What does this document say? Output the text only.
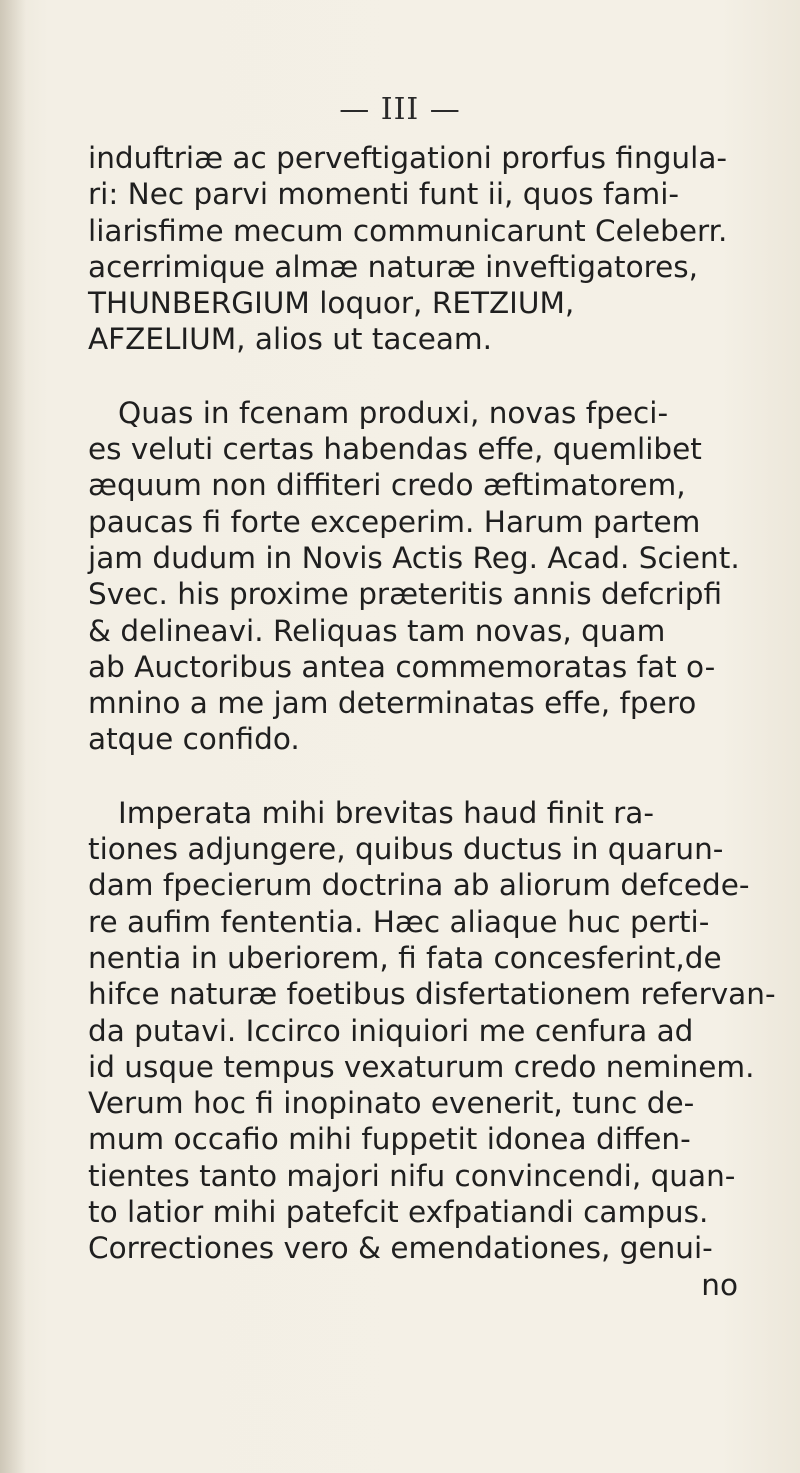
— III —
induftriæ ac perveftigationi prorfus fingula-
ri: Nec parvi momenti funt ii, quos fami-
liarisfime mecum communicarunt Celeberr.
acerrimique almæ naturæ inveftigatores,
THUNBERGIUM loquor, RETZIUM,
AFZELIUM, alios ut taceam.
Quas in fcenam produxi, novas fpeci-
es veluti certas habendas effe, quemlibet
æquum non diffiteri credo æftimatorem,
paucas fi forte exceperim. Harum partem
jam dudum in Novis Actis Reg. Acad. Scient.
Svec. his proxime præteritis annis defcripfi
& delineavi. Reliquas tam novas, quam
ab Auctoribus antea commemoratas fat o-
mnino a me jam determinatas effe, fpero
atque confido.
Imperata mihi brevitas haud finit ra-
tiones adjungere, quibus ductus in quarun-
dam fpecierum doctrina ab aliorum defcede-
re aufim fententia. Hæc aliaque huc perti-
nentia in uberiorem, fi fata concesferint,de
hifce naturæ foetibus disfertationem refervan-
da putavi. Iccirco iniquiori me cenfura ad
id usque tempus vexaturum credo neminem.
Verum hoc fi inopinato evenerit, tunc de-
mum occafio mihi fuppetit idonea diffen-
tientes tanto majori nifu convincendi, quan-
to latior mihi patefcit exfpatiandi campus.
Correctiones vero & emendationes, genui-
no
